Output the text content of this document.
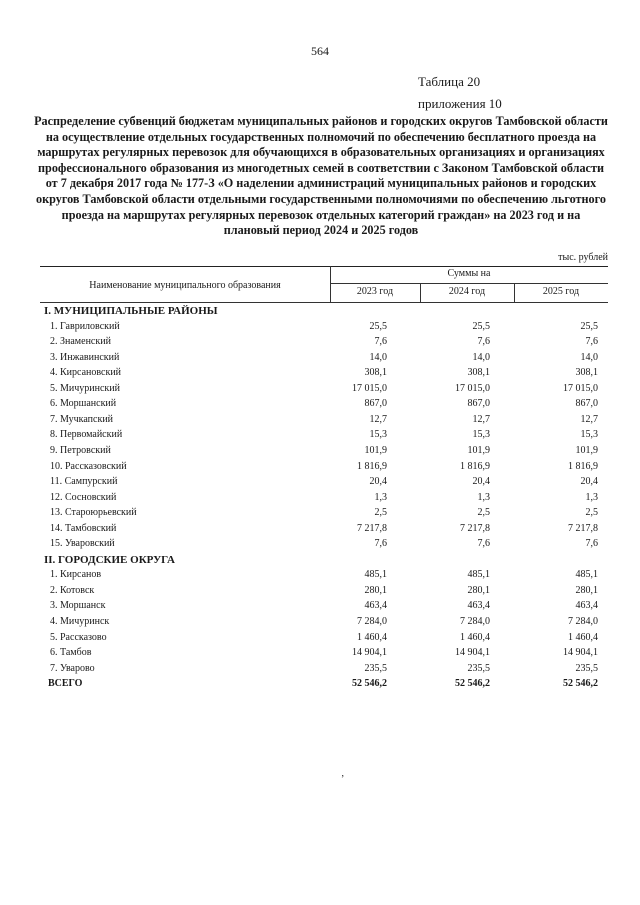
564
Таблица 20
приложения 10
Распределение субвенций бюджетам муниципальных районов и городских округов Тамбовской области на осуществление отдельных государственных полномочий по обеспечению бесплатного проезда на маршрутах регулярных перевозок для обучающихся в образовательных организациях и организациях профессионального образования из многодетных семей в соответствии с Законом Тамбовской области от 7 декабря 2017 года № 177-З «О наделении администраций муниципальных районов и городских округов Тамбовской области отдельными государственными полномочиями по обеспечению льготного проезда на маршрутах регулярных перевозок отдельных категорий граждан» на 2023 год и на плановый период 2024 и 2025 годов
тыс. рублей
Наименование муниципального образования
Суммы на
2023 год	2024 год	2025 год
I. МУНИЦИПАЛЬНЫЕ РАЙОНЫ
1. Гавриловский	25,5	25,5	25,5
2. Знаменский	7,6	7,6	7,6
3. Инжавинский	14,0	14,0	14,0
4. Кирсановский	308,1	308,1	308,1
5. Мичуринский	17 015,0	17 015,0	17 015,0
6. Моршанский	867,0	867,0	867,0
7. Мучкапский	12,7	12,7	12,7
8. Первомайский	15,3	15,3	15,3
9. Петровский	101,9	101,9	101,9
10. Рассказовский	1 816,9	1 816,9	1 816,9
11. Сампурский	20,4	20,4	20,4
12. Сосновский	1,3	1,3	1,3
13. Староюрьевский	2,5	2,5	2,5
14. Тамбовский	7 217,8	7 217,8	7 217,8
15. Уваровский	7,6	7,6	7,6
II. ГОРОДСКИЕ ОКРУГА
1. Кирсанов	485,1	485,1	485,1
2. Котовск	280,1	280,1	280,1
3. Моршанск	463,4	463,4	463,4
4. Мичуринск	7 284,0	7 284,0	7 284,0
5. Рассказово	1 460,4	1 460,4	1 460,4
6. Тамбов	14 904,1	14 904,1	14 904,1
7. Уварово	235,5	235,5	235,5
ВСЕГО	52 546,2	52 546,2	52 546,2
ʼ
